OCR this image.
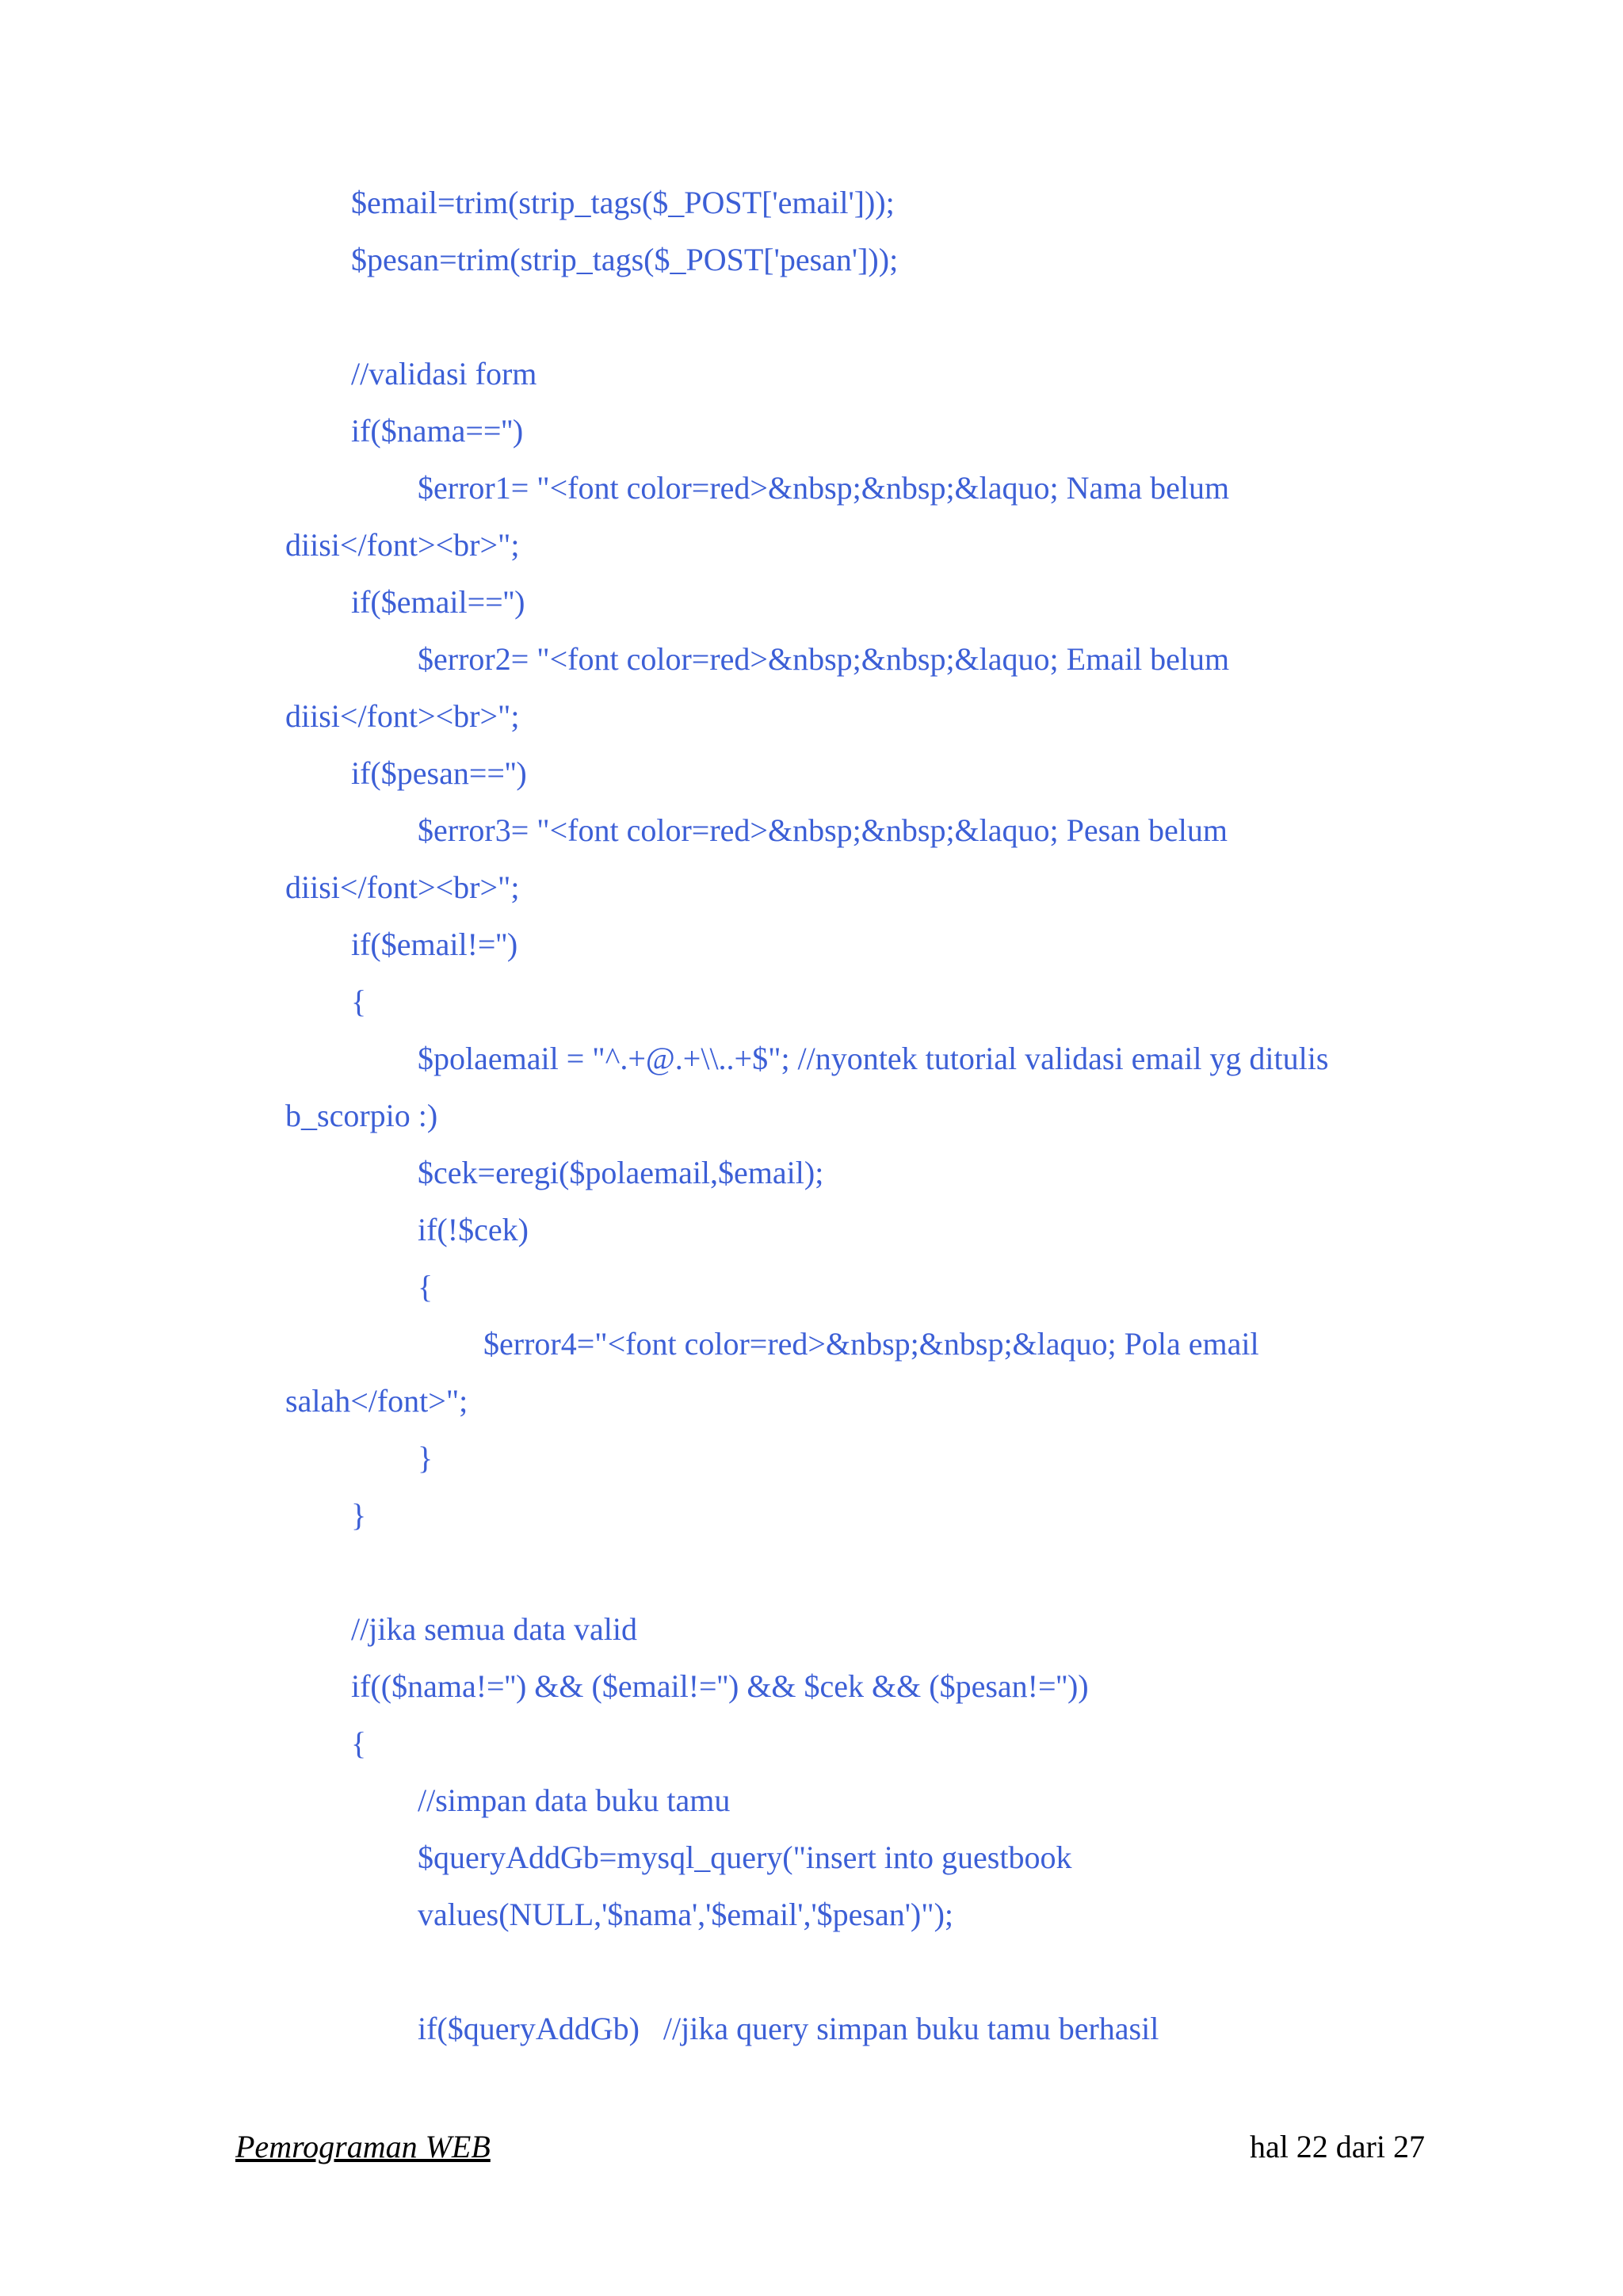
$email=trim(strip_tags($_POST['email']));
$pesan=trim(strip_tags($_POST['pesan']));
//validasi form
if($nama=='')
$error1= "<font color=red>&nbsp;&nbsp;&laquo; Nama belum
diisi</font><br>";
if($email=='')
$error2= "<font color=red>&nbsp;&nbsp;&laquo; Email belum
diisi</font><br>";
if($pesan=='')
$error3= "<font color=red>&nbsp;&nbsp;&laquo; Pesan belum
diisi</font><br>";
if($email!='')
{
$polaemail = "^.+@.+\\..+$"; //nyontek tutorial validasi email yg ditulis
b_scorpio :)
$cek=eregi($polaemail,$email);
if(!$cek)
{
$error4="<font color=red>&nbsp;&nbsp;&laquo; Pola email
salah</font>";
}
}
//jika semua data valid
if(($nama!='') && ($email!='') && $cek && ($pesan!=''))
{
//simpan data buku tamu
$queryAddGb=mysql_query("insert into guestbook
values(NULL,'$nama','$email','$pesan')");
if($queryAddGb)   //jika query simpan buku tamu berhasil
Pemrograman WEB	hal 22 dari 27
